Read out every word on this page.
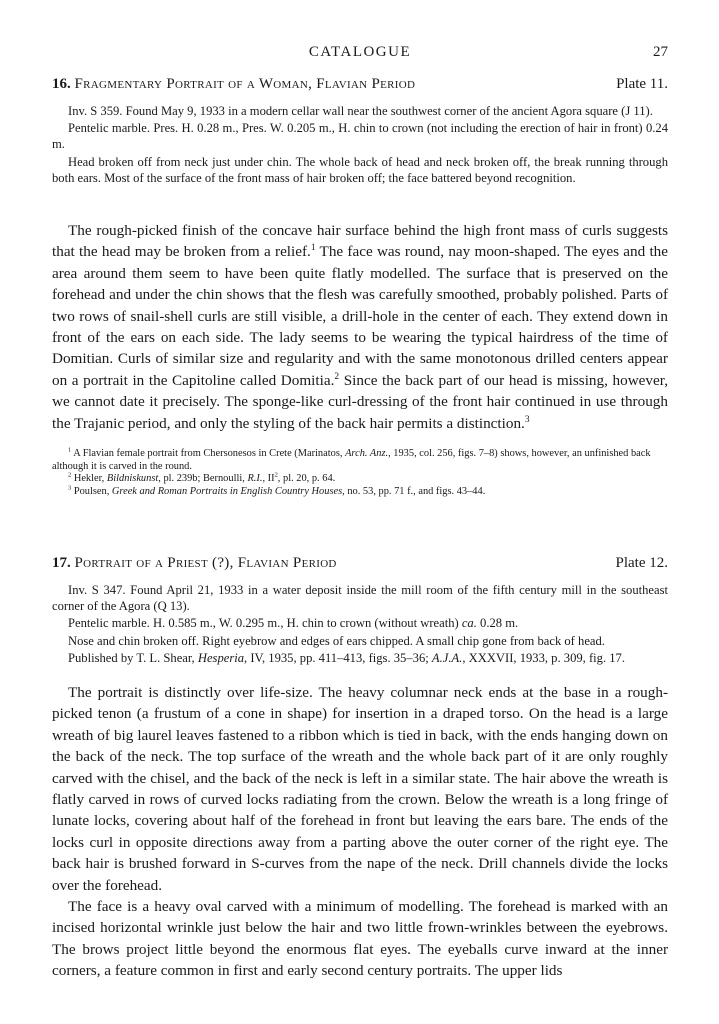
CATALOGUE	27
16. Fragmentary Portrait of a Woman, Flavian Period	Plate 11.

Inv. S 359. Found May 9, 1933 in a modern cellar wall near the southwest corner of the ancient Agora square (J 11).

Pentelic marble. Pres. H. 0.28 m., Pres. W. 0.205 m., H. chin to crown (not including the erection of hair in front) 0.24 m.

Head broken off from neck just under chin. The whole back of head and neck broken off, the break running through both ears. Most of the surface of the front mass of hair broken off; the face battered beyond recognition.

The rough-picked finish of the concave hair surface behind the high front mass of curls suggests that the head may be broken from a relief.$^1$ The face was round, nay moon-shaped. The eyes and the area around them seem to have been quite flatly modelled. The surface that is preserved on the forehead and under the chin shows that the flesh was carefully smoothed, probably polished. Parts of two rows of snail-shell curls are still visible, a drill-hole in the center of each. They extend down in front of the ears on each side. The lady seems to be wearing the typical hairdress of the time of Domitian. Curls of similar size and regularity and with the same monotonous drilled centers appear on a portrait in the Capitoline called Domitia.$^2$ Since the back part of our head is missing, however, we cannot date it precisely. The sponge-like curl-dressing of the front hair continued in use through the Trajanic period, and only the styling of the back hair permits a distinction.$^3$

$^1$ A Flavian female portrait from Chersonesos in Crete (Marinatos, Arch. Anz., 1935, col. 256, figs. 7–8) shows, however, an unfinished back although it is carved in the round.

$^2$ Hekler, Bildniskunst, pl. 239b; Bernoulli, R.I., $II^2$, pl. 20, p. 64.

$^3$ Poulsen, Greek and Roman Portraits in English Country Houses, no. 53, pp. 71 f., and figs. 43–44.

17. Portrait of a Priest (?), Flavian Period	Plate 12.

Inv. S 347. Found April 21, 1933 in a water deposit inside the mill room of the fifth century mill in the southeast corner of the Agora (Q 13).

Pentelic marble. H. 0.585 m., W. 0.295 m., H. chin to crown (without wreath) ca. 0.28 m.

Nose and chin broken off. Right eyebrow and edges of ears chipped. A small chip gone from back of head.

Published by T. L. Shear, Hesperia, IV, 1935, pp. 411–413, figs. 35–36; A.J.A., XXXVII, 1933, p. 309, fig. 17.

The portrait is distinctly over life-size. The heavy columnar neck ends at the base in a rough-picked tenon (a frustum of a cone in shape) for insertion in a draped torso. On the head is a large wreath of big laurel leaves fastened to a ribbon which is tied in back, with the ends hanging down on the back of the neck. The top surface of the wreath and the whole back part of it are only roughly carved with the chisel, and the back of the neck is left in a similar state. The hair above the wreath is flatly carved in rows of curved locks radiating from the crown. Below the wreath is a long fringe of lunate locks, covering about half of the forehead in front but leaving the ears bare. The ends of the locks curl in opposite directions away from a parting above the outer corner of the right eye. The back hair is brushed forward in S-curves from the nape of the neck. Drill channels divide the locks over the forehead.

The face is a heavy oval carved with a minimum of modelling. The forehead is marked with an incised horizontal wrinkle just below the hair and two little frown-wrinkles between the eyebrows. The brows project little beyond the enormous flat eyes. The eyeballs curve inward at the inner corners, a feature common in first and early second century portraits. The upper lids
